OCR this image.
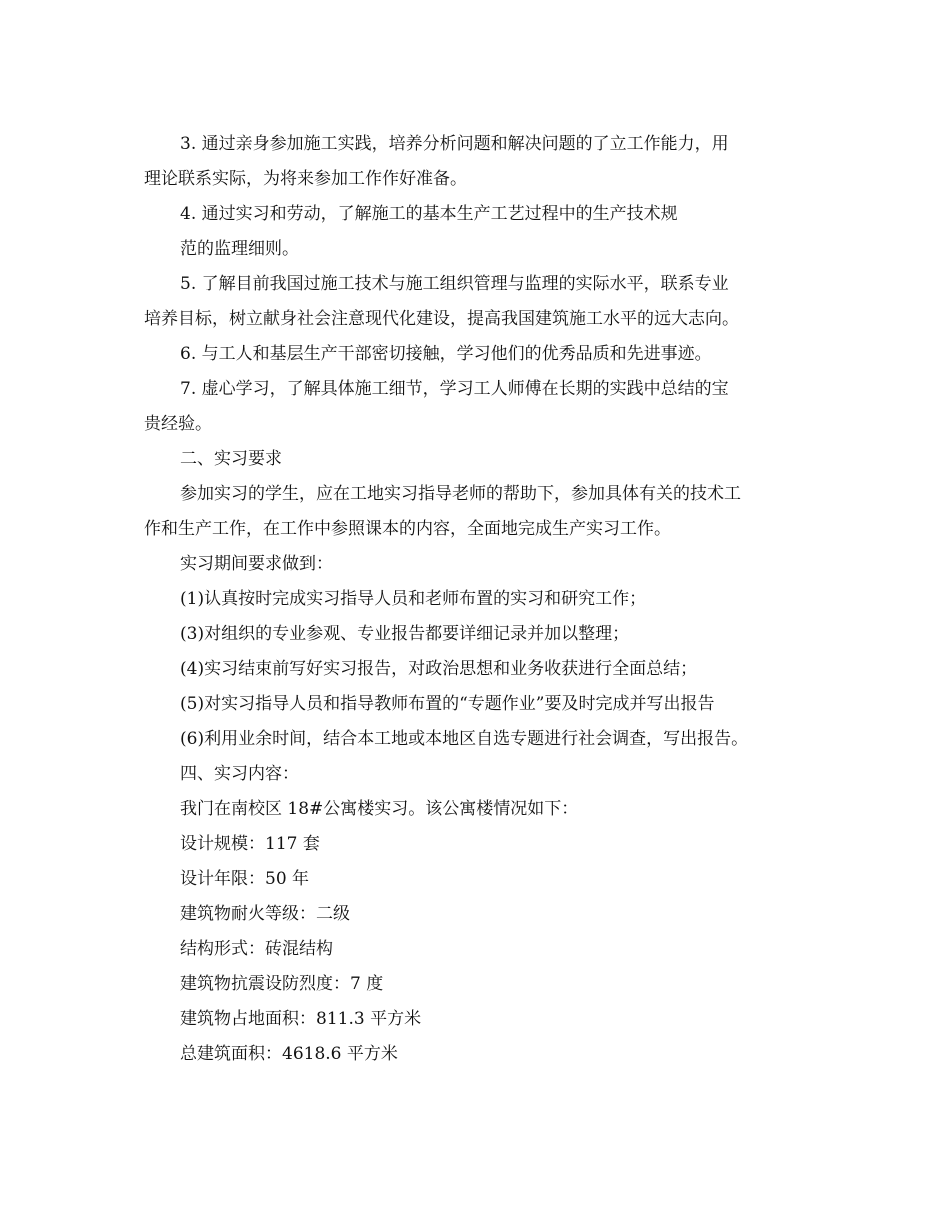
3. 通过亲身参加施工实践，培养分析问题和解决问题的了立工作能力，用
理论联系实际，为将来参加工作作好准备。

4. 通过实习和劳动，了解施工的基本生产工艺过程中的生产技术规
范的监理细则。

5. 了解目前我国过施工技术与施工组织管理与监理的实际水平，联系专业
培养目标，树立献身社会注意现代化建设，提高我国建筑施工水平的远大志向。

6. 与工人和基层生产干部密切接触，学习他们的优秀品质和先进事迹。

7. 虚心学习，了解具体施工细节，学习工人师傅在长期的实践中总结的宝
贵经验。

二、实习要求

参加实习的学生，应在工地实习指导老师的帮助下，参加具体有关的技术工
作和生产工作，在工作中参照课本的内容，全面地完成生产实习工作。

实习期间要求做到：

(1)认真按时完成实习指导人员和老师布置的实习和研究工作；

(3)对组织的专业参观、专业报告都要详细记录并加以整理；

(4)实习结束前写好实习报告，对政治思想和业务收获进行全面总结；

(5)对实习指导人员和指导教师布置的“专题作业”要及时完成并写出报告

(6)利用业余时间，结合本工地或本地区自选专题进行社会调查，写出报告。

四、实习内容：

我门在南校区 18#公寓楼实习。该公寓楼情况如下：

设计规模：117 套

设计年限：50 年

建筑物耐火等级：二级

结构形式：砖混结构

建筑物抗震设防烈度：7 度

建筑物占地面积：811.3 平方米

总建筑面积：4618.6 平方米
